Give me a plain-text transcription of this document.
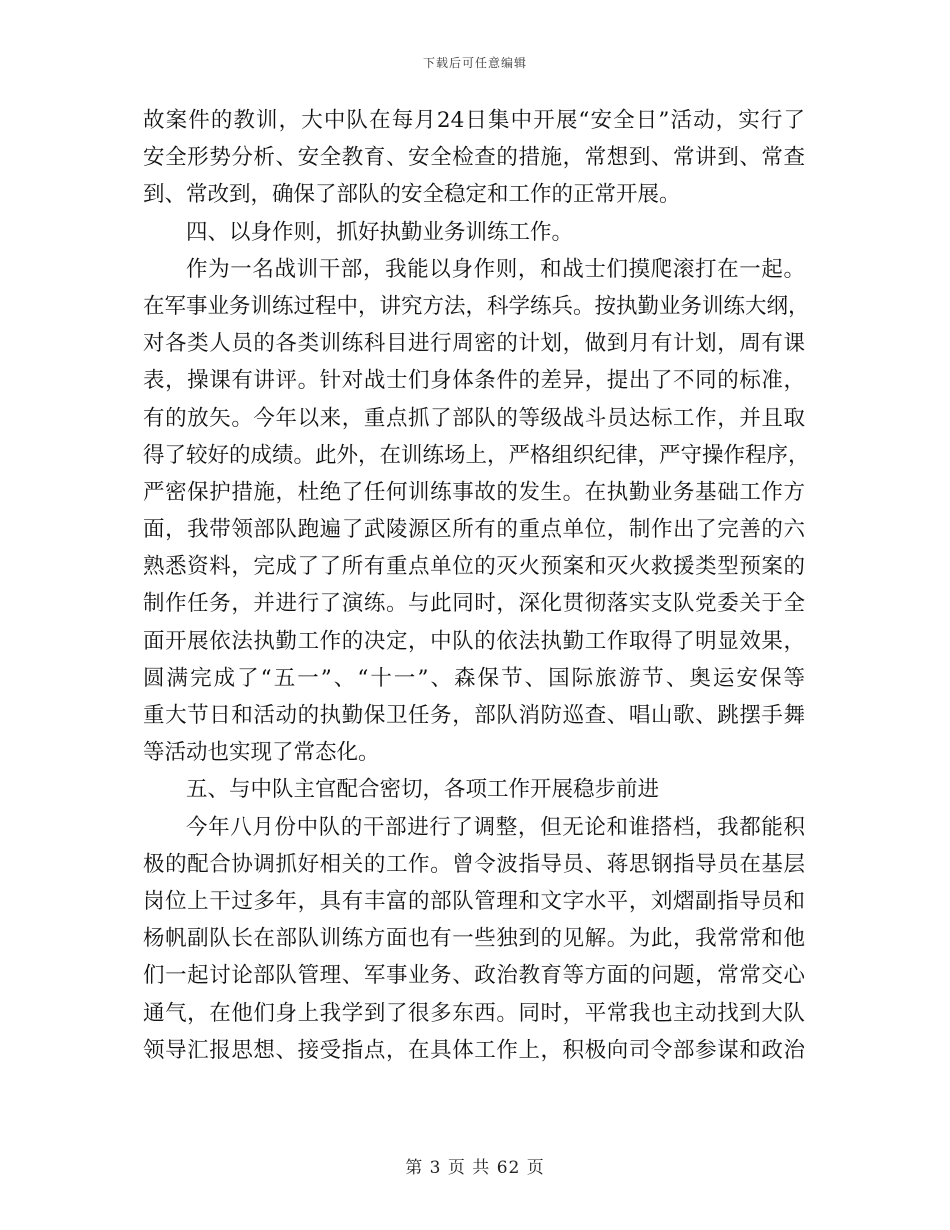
下载后可任意编辑
故案件的教训，大中队在每月24日集中开展“安全日”活动，实行了
安全形势分析、安全教育、安全检查的措施，常想到、常讲到、常查
到、常改到，确保了部队的安全稳定和工作的正常开展。
四、以身作则，抓好执勤业务训练工作。
作为一名战训干部，我能以身作则，和战士们摸爬滚打在一起。
在军事业务训练过程中，讲究方法，科学练兵。按执勤业务训练大纲，
对各类人员的各类训练科目进行周密的计划，做到月有计划，周有课
表，操课有讲评。针对战士们身体条件的差异，提出了不同的标准，
有的放矢。今年以来，重点抓了部队的等级战斗员达标工作，并且取
得了较好的成绩。此外，在训练场上，严格组织纪律，严守操作程序，
严密保护措施，杜绝了任何训练事故的发生。在执勤业务基础工作方
面，我带领部队跑遍了武陵源区所有的重点单位，制作出了完善的六
熟悉资料，完成了了所有重点单位的灭火预案和灭火救援类型预案的
制作任务，并进行了演练。与此同时，深化贯彻落实支队党委关于全
面开展依法执勤工作的决定，中队的依法执勤工作取得了明显效果，
圆满完成了“五一”、“十一”、森保节、国际旅游节、奥运安保等
重大节日和活动的执勤保卫任务，部队消防巡查、唱山歌、跳摆手舞
等活动也实现了常态化。
五、与中队主官配合密切，各项工作开展稳步前进
今年八月份中队的干部进行了调整，但无论和谁搭档，我都能积
极的配合协调抓好相关的工作。曾令波指导员、蒋思钢指导员在基层
岗位上干过多年，具有丰富的部队管理和文字水平，刘熠副指导员和
杨帆副队长在部队训练方面也有一些独到的见解。为此，我常常和他
们一起讨论部队管理、军事业务、政治教育等方面的问题，常常交心
通气，在他们身上我学到了很多东西。同时，平常我也主动找到大队
领导汇报思想、接受指点，在具体工作上，积极向司令部参谋和政治
第 3 页 共 62 页
